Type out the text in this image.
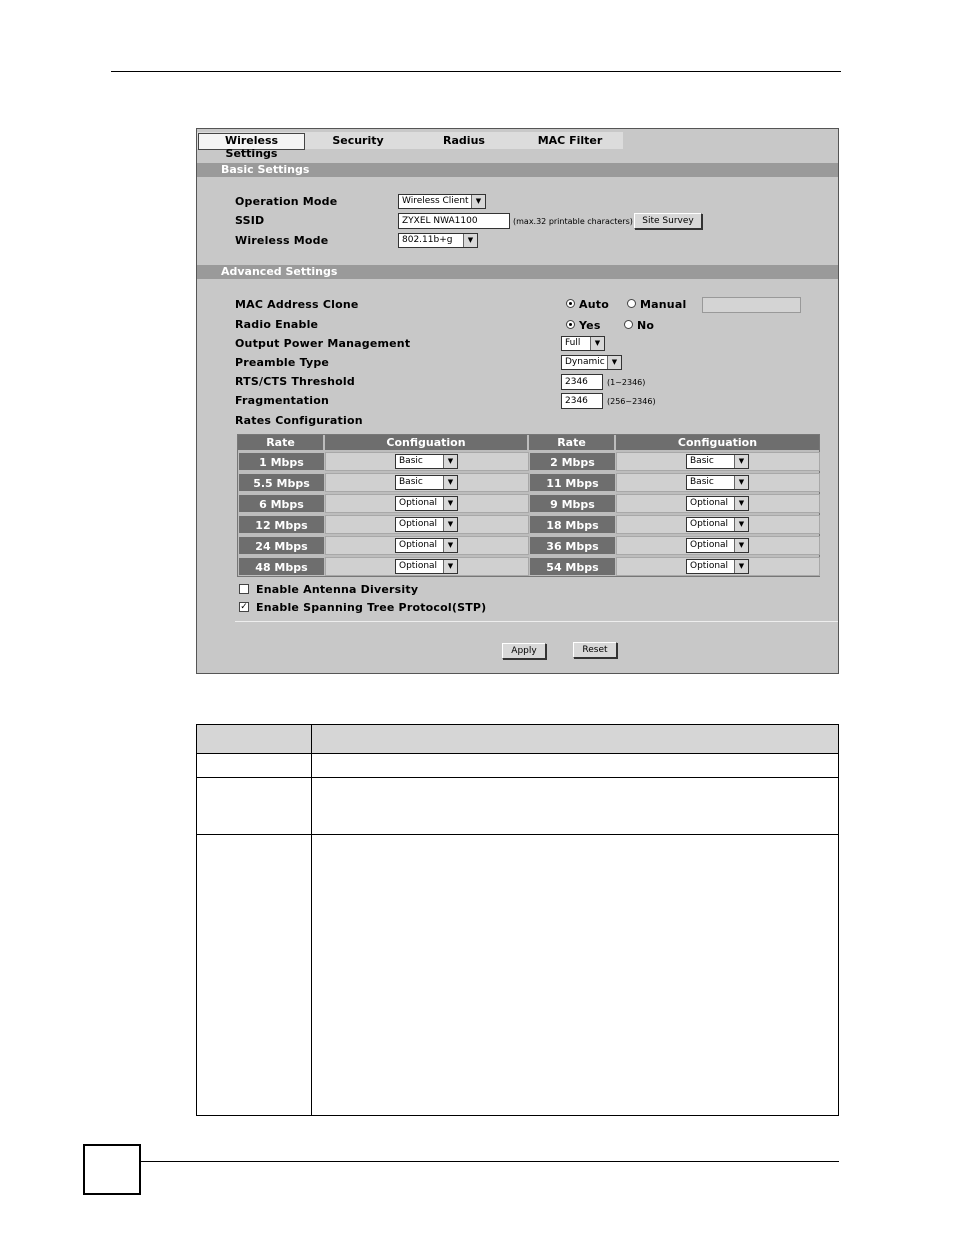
Wireless Settings
Security	Radius	MAC Filter
Basic Settings
Operation Mode	Wireless Client	▼
SSID	ZYXEL NWA1100	(max.32 printable characters)	Site Survey
Wireless Mode	802.11b+g	▼
Advanced Settings
MAC Address Clone	Auto	Manual
Radio Enable	Yes	No
Output Power Management	Full	▼
Preamble Type	Dynamic	▼
RTS/CTS Threshold	2346	(1~2346)
Fragmentation	2346	(256~2346)
Rates Configuration
Rate	Configuation	Rate	Configuation
1 Mbps	Basic	▼	2 Mbps	Basic	▼
5.5 Mbps	Basic	▼	11 Mbps	Basic	▼
6 Mbps	Optional	▼	9 Mbps	Optional	▼
12 Mbps	Optional	▼	18 Mbps	Optional	▼
24 Mbps	Optional	▼	36 Mbps	Optional	▼
48 Mbps	Optional	▼	54 Mbps	Optional	▼
Enable Antenna Diversity
✓ Enable Spanning Tree Protocol(STP)
Apply	Reset
